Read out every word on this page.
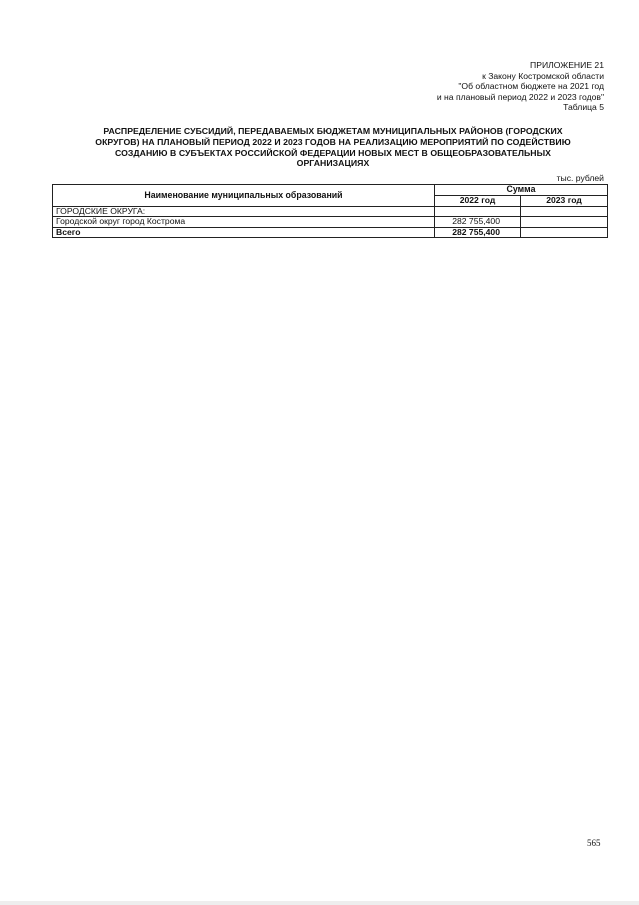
ПРИЛОЖЕНИЕ 21
к Закону Костромской области
"Об областном бюджете на 2021 год
и на плановый период 2022 и 2023 годов"
Таблица 5
РАСПРЕДЕЛЕНИЕ СУБСИДИЙ, ПЕРЕДАВАЕМЫХ БЮДЖЕТАМ МУНИЦИПАЛЬНЫХ РАЙОНОВ (ГОРОДСКИХ
ОКРУГОВ) НА ПЛАНОВЫЙ ПЕРИОД 2022 И 2023 ГОДОВ НА РЕАЛИЗАЦИЮ МЕРОПРИЯТИЙ ПО СОДЕЙСТВИЮ
СОЗДАНИЮ В СУБЪЕКТАХ РОССИЙСКОЙ ФЕДЕРАЦИИ НОВЫХ МЕСТ В ОБЩЕОБРАЗОВАТЕЛЬНЫХ
ОРГАНИЗАЦИЯХ
тыс. рублей
Наименование муниципальных образований	Сумма	
	2022 год	2023 год
ГОРОДСКИЕ ОКРУГА:		
Городской округ город Кострома	282 755,400	
Всего	282 755,400	
565
